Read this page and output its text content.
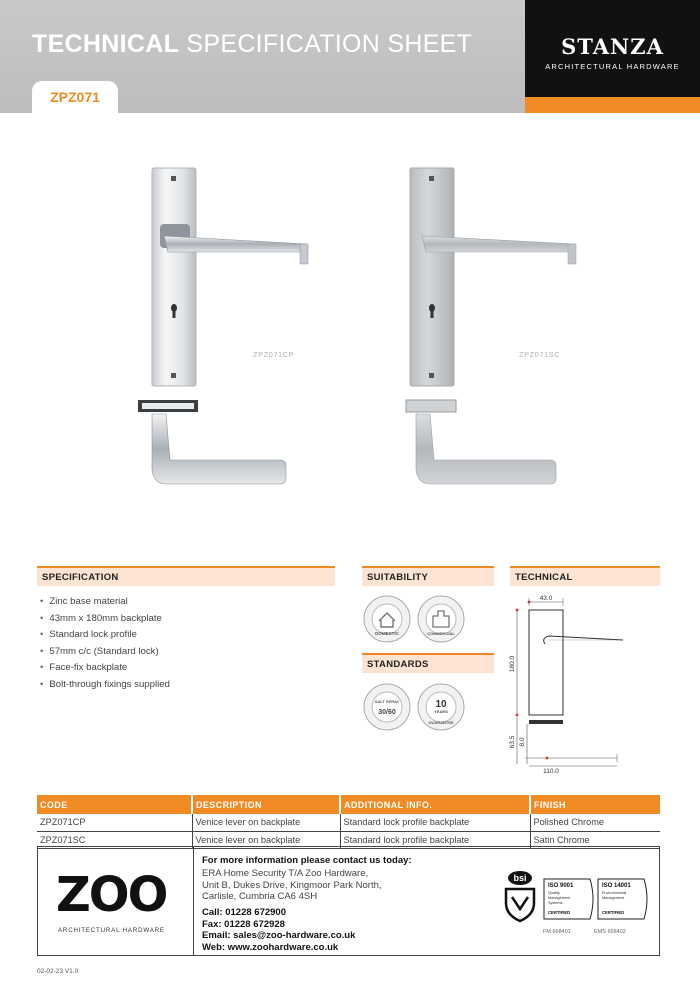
TECHNICAL SPECIFICATION SHEET
ZPZ071
STANZA
ARCHITECTURAL HARDWARE
ZPZ071CP	ZPZ071SC
SPECIFICATION
• Zinc base material
• 43mm x 180mm backplate
• Standard lock profile
• 57mm c/c (Standard lock)
• Face-fix backplate
• Bolt-through fixings supplied
SUITABILITY
DOMESTIC	COMMERCIAL
STANDARDS
SALT SPRAY
30/60
10
YEARS
GUARANTEE
TECHNICAL
43.0
180.0
63.5 8.0
110.0
CODE	DESCRIPTION	ADDITIONAL INFO.	FINISH
ZPZ071CP	Venice lever on backplate	Standard lock profile backplate	Polished Chrome
ZPZ071SC	Venice lever on backplate	Standard lock profile backplate	Satin Chrome
ZOO
ARCHITECTURAL HARDWARE
For more information please contact us today:
ERA Home Security T/A Zoo Hardware,
Unit B, Dukes Drive, Kingmoor Park North,
Carlisle, Cumbria CA6 4SH
Call: 01228 672900
Fax: 01228 672928
Email: sales@zoo-hardware.co.uk
Web: www.zoohardware.co.uk
bsi
ISO 9001
Quality
Management
Systems
CERTIFIED
FM 668401
ISO 14001
Environmental
Management
CERTIFIED
EMS 668402
02-02-23 V1.0
